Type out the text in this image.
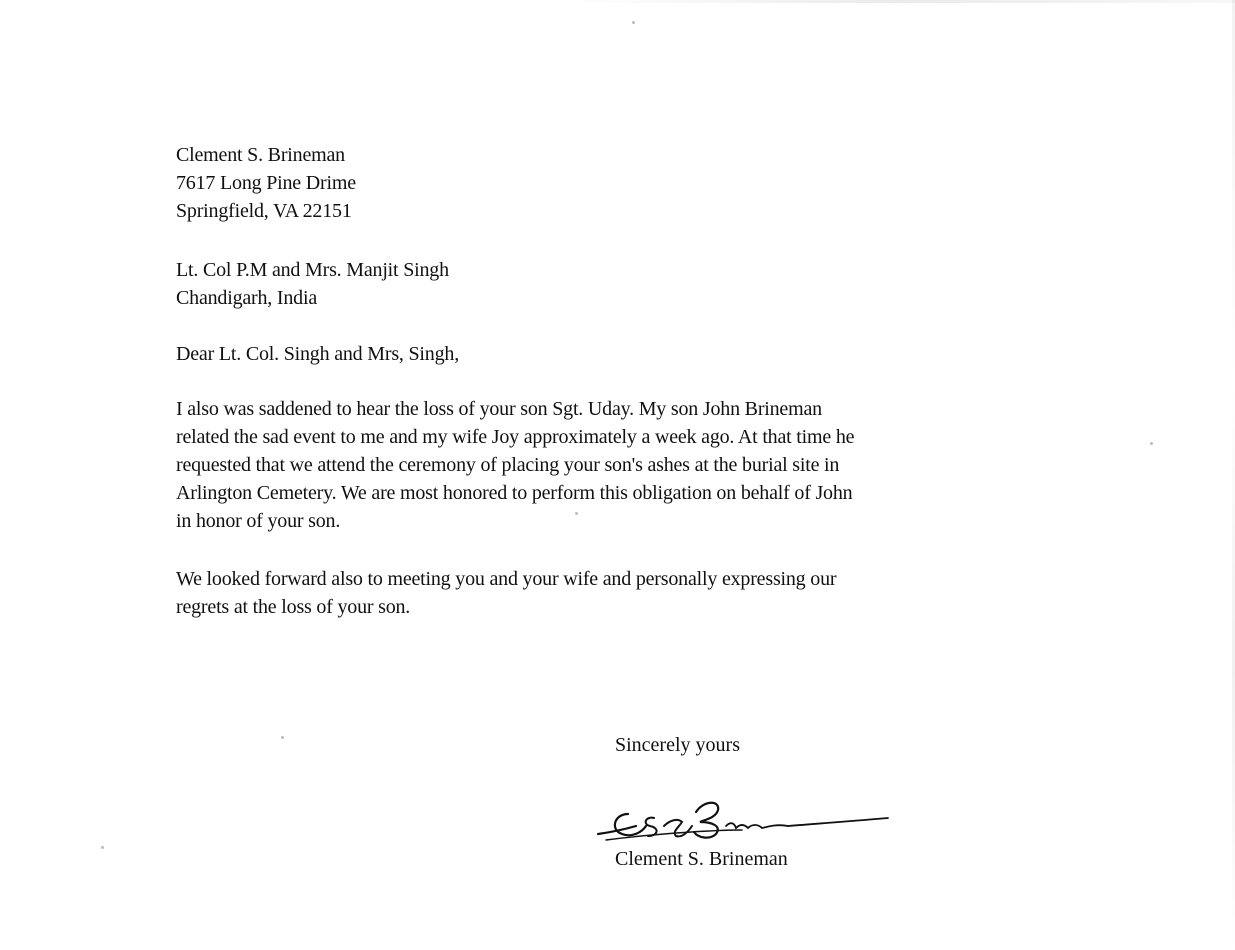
Clement S. Brineman
7617 Long Pine Drime
Springfield, VA 22151
Lt. Col P.M and Mrs. Manjit Singh
Chandigarh, India
Dear Lt. Col. Singh and Mrs, Singh,
I also was saddened to hear the loss of your son Sgt. Uday. My son John Brineman
related the sad event to me and my wife Joy approximately a week ago. At that time he
requested that we attend the ceremony of placing your son's ashes at the burial site in
Arlington Cemetery. We are most honored to perform this obligation on behalf of John
in honor of your son.
We looked forward also to meeting you and your wife and personally expressing our
regrets at the loss of your son.
Sincerely yours
Clement S. Brineman
